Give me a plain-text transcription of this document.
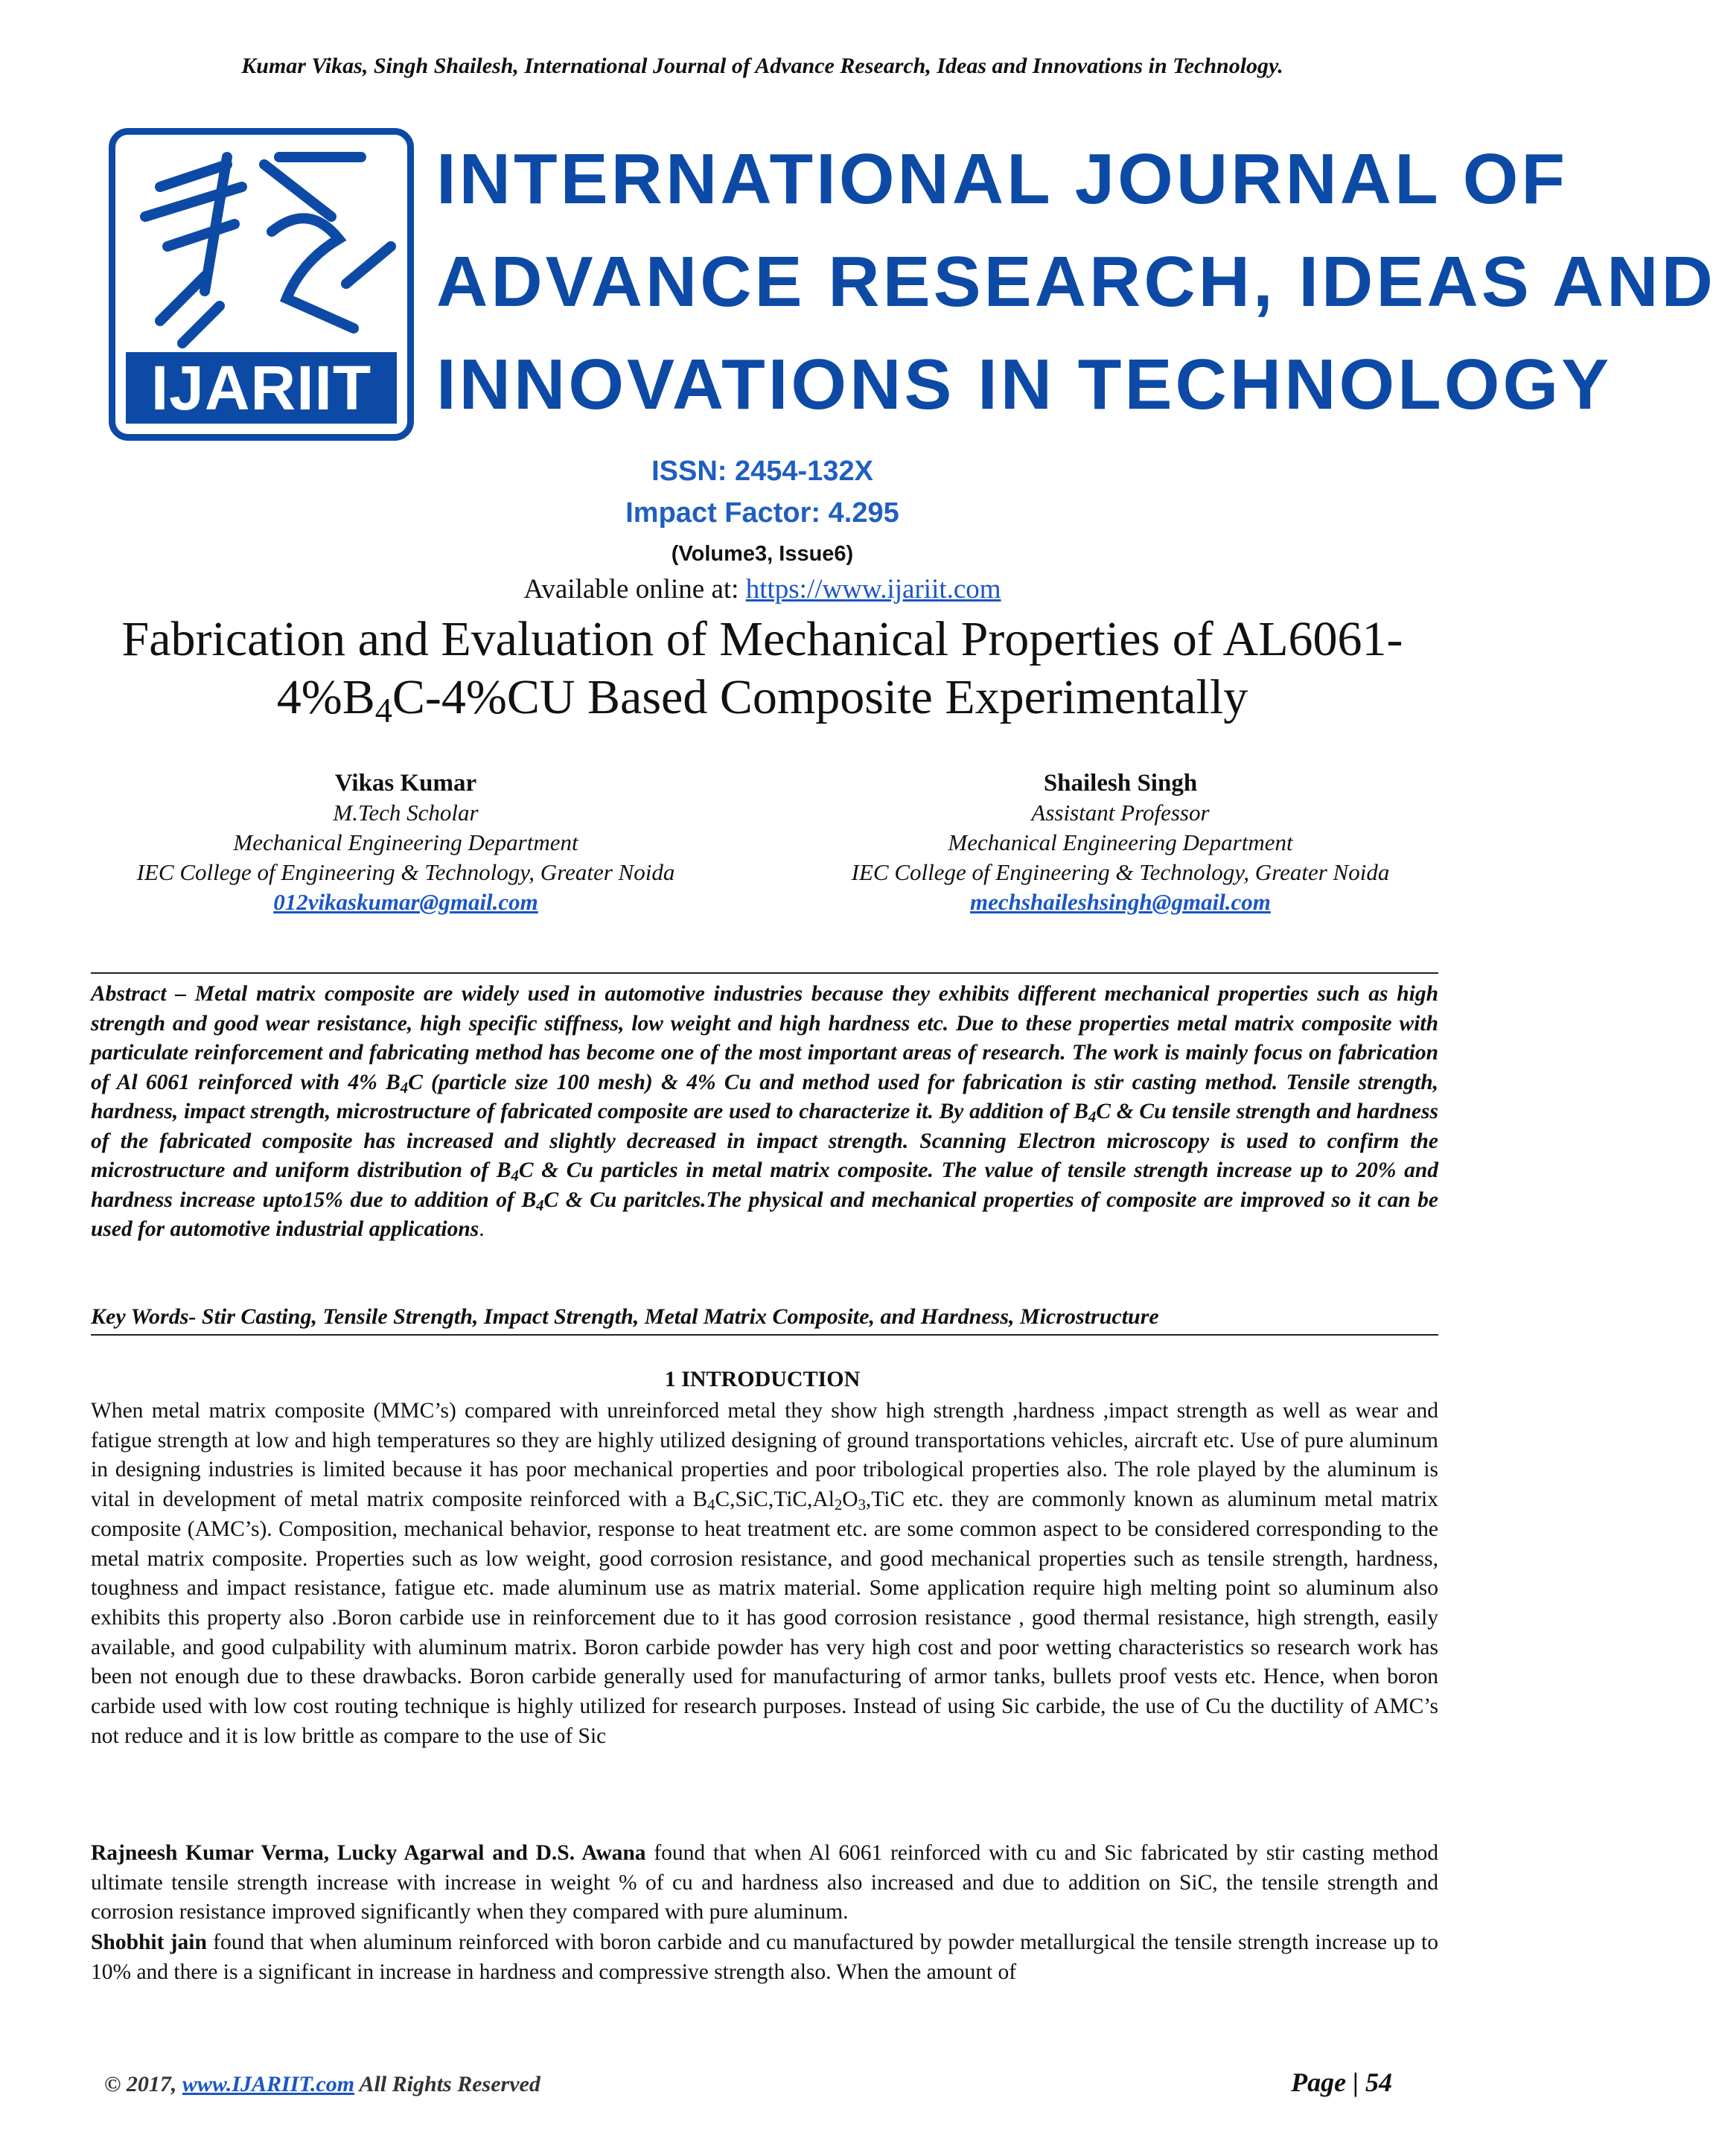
Kumar Vikas, Singh Shailesh, International Journal of Advance Research, Ideas and Innovations in Technology.
IJARIIT
INTERNATIONAL JOURNAL OF
ADVANCE RESEARCH, IDEAS AND
INNOVATIONS IN TECHNOLOGY
ISSN: 2454-132X
Impact Factor: 4.295
(Volume3, Issue6)
Available online at: https://www.ijariit.com
Fabrication and Evaluation of Mechanical Properties of $AL6061-4\%B_4C-4\%CU$ Based Composite Experimentally
Vikas Kumar
M.Tech Scholar
Mechanical Engineering Department
IEC College of Engineering & Technology, Greater Noida
012vikaskumar@gmail.com
Shailesh Singh
Assistant Professor
Mechanical Engineering Department
IEC College of Engineering & Technology, Greater Noida
mechshaileshsingh@gmail.com
Abstract – Metal matrix composite are widely used in automotive industries because they exhibits different mechanical properties such as high strength and good wear resistance, high specific stiffness, low weight and high hardness etc. Due to these properties metal matrix composite with particulate reinforcement and fabricating method has become one of the most important areas of research. The work is mainly focus on fabrication of Al 6061 reinforced with 4% $B_4C$ (particle size 100 mesh) & 4% Cu and method used for fabrication is stir casting method. Tensile strength, hardness, impact strength, microstructure of fabricated composite are used to characterize it. By addition of $B_4C$ & Cu tensile strength and hardness of the fabricated composite has increased and slightly decreased in impact strength. Scanning Electron microscopy is used to confirm the microstructure and uniform distribution of $B_4C$ & Cu particles in metal matrix composite. The value of tensile strength increase up to 20% and hardness increase upto15% due to addition of $B_4C$ & Cu paritcles.The physical and mechanical properties of composite are improved so it can be used for automotive industrial applications.
Key Words- Stir Casting, Tensile Strength, Impact Strength, Metal Matrix Composite, and Hardness, Microstructure
1 INTRODUCTION
When metal matrix composite (MMC’s) compared with unreinforced metal they show high strength ,hardness ,impact strength as well as wear and fatigue strength at low and high temperatures so they are highly utilized designing of ground transportations vehicles, aircraft etc. Use of pure aluminum in designing industries is limited because it has poor mechanical properties and poor tribological properties also. The role played by the aluminum is vital in development of metal matrix composite reinforced with a $B_4C,SiC,TiC,Al_2O_3,TiC$ etc. they are commonly known as aluminum metal matrix composite (AMC’s). Composition, mechanical behavior, response to heat treatment etc. are some common aspect to be considered corresponding to the metal matrix composite. Properties such as low weight, good corrosion resistance, and good mechanical properties such as tensile strength, hardness, toughness and impact resistance, fatigue etc. made aluminum use as matrix material. Some application require high melting point so aluminum also exhibits this property also .Boron carbide use in reinforcement due to it has good corrosion resistance , good thermal resistance, high strength, easily available, and good culpability with aluminum matrix. Boron carbide powder has very high cost and poor wetting characteristics so research work has been not enough due to these drawbacks. Boron carbide generally used for manufacturing of armor tanks, bullets proof vests etc. Hence, when boron carbide used with low cost routing technique is highly utilized for research purposes. Instead of using Sic carbide, the use of Cu the ductility of AMC’s not reduce and it is low brittle as compare to the use of Sic
Rajneesh Kumar Verma, Lucky Agarwal and D.S. Awana found that when Al 6061 reinforced with cu and Sic fabricated by stir casting method ultimate tensile strength increase with increase in weight % of cu and hardness also increased and due to addition on SiC, the tensile strength and corrosion resistance improved significantly when they compared with pure aluminum.
Shobhit jain found that when aluminum reinforced with boron carbide and cu manufactured by powder metallurgical the tensile strength increase up to 10% and there is a significant in increase in hardness and compressive strength also. When the amount of
© 2017, www.IJARIIT.com All Rights Reserved	Page | 54
